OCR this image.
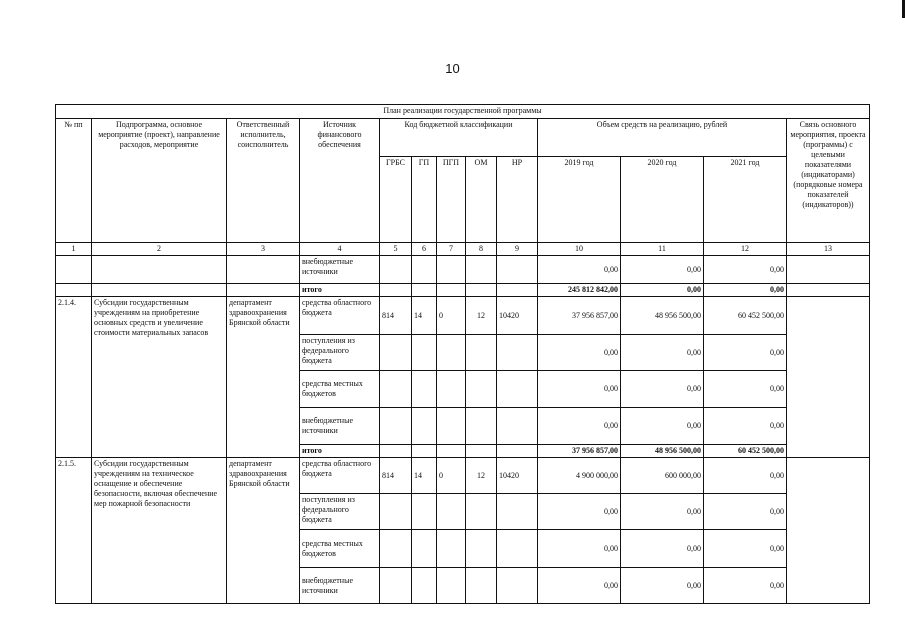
10
План реализации государственной программы												
№ пп	Подпрограмма, основное мероприятие (проект), направление расходов, мероприятие	Ответственный исполнитель, соисполнитель	Источник финансового обеспечения	Код бюджетной классификации					Объем средств на реализацию, рублей			Связь основного мероприятия, проекта (программы) с целевыми показателями (индикаторами) (порядковые номера показателей (индикаторов))
				ГРБС	ГП	ПГП	ОМ	НР	2019 год	2020 год	2021 год	
1	2	3	4	5	6	7	8	9	10	11	12	13
			внебюджетные источники						0,00	0,00	0,00	
			итого						245 812 842,00	0,00	0,00	
2.1.4.	Субсидии государственным учреждениям на приобретение основных средств и увеличение стоимости материальных запасов	департамент здравоохранения Брянской области	средства областного бюджета	814	14	0	12	10420	37 956 857,00	48 956 500,00	60 452 500,00	
			поступления из федерального бюджета						0,00	0,00	0,00	
			средства местных бюджетов						0,00	0,00	0,00	
			внебюджетные источники						0,00	0,00	0,00	
			итого						37 956 857,00	48 956 500,00	60 452 500,00	
2.1.5.	Субсидии государственным учреждениям на техническое оснащение и обеспечение безопасности, включая обеспечение мер пожарной безопасности	департамент здравоохранения Брянской области	средства областного бюджета	814	14	0	12	10420	4 900 000,00	600 000,00	0,00	
			поступления из федерального бюджета						0,00	0,00	0,00	
			средства местных бюджетов						0,00	0,00	0,00	
			внебюджетные источники						0,00	0,00	0,00	
